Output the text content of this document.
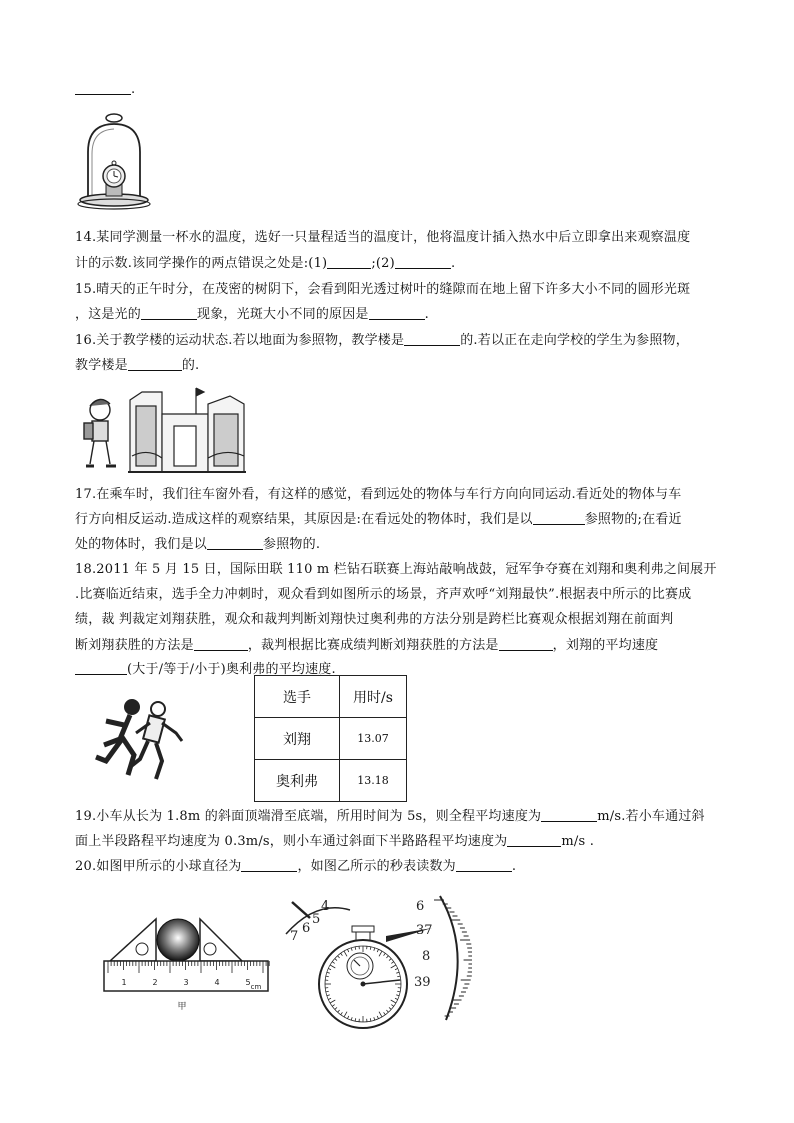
.
14.某同学测量一杯水的温度，选好一只量程适当的温度计，他将温度计插入热水中后立即拿出来观察温度
计的示数.该同学操作的两点错误之处是:(1)	;(2)	.
15.晴天的正午时分，在茂密的树阴下，会看到阳光透过树叶的缝隙而在地上留下许多大小不同的圆形光斑
，这是光的	现象，光斑大小不同的原因是	.
16.关于教学楼的运动状态.若以地面为参照物，教学楼是	的.若以正在走向学校的学生为参照物，
教学楼是	的.
17.在乘车时，我们往车窗外看，有这样的感觉，看到远处的物体与车行方向向同运动.看近处的物体与车
行方向相反运动.造成这样的观察结果，其原因是:在看远处的物体时，我们是以	参照物的;在看近
处的物体时，我们是以	参照物的.
18.2011 年 5 月 15 日，国际田联 110 m 栏钻石联赛上海站敲响战鼓，冠军争夺赛在刘翔和奥利弗之间展开
.比赛临近结束，选手全力冲刺时，观众看到如图所示的场景，齐声欢呼“刘翔最快”.根据表中所示的比赛成
绩，裁 判裁定刘翔获胜，观众和裁判判断刘翔快过奥利弗的方法分别是跨栏比赛观众根据刘翔在前面判
断刘翔获胜的方法是	，裁判根据比赛成绩判断刘翔获胜的方法是	，刘翔的平均速度
(大于/等于/小于)奥利弗的平均速度.
选手	用时/s
刘翔	13.07
奥利弗	13.18
19.小车从长为 1.8m 的斜面顶端滑至底端，所用时间为 5s，则全程平均速度为	m/s.若小车通过斜
面上半段路程平均速度为 0.3m/s，则小车通过斜面下半路路程平均速度为	m/s .
20.如图甲所示的小球直径为	，如图乙所示的秒表读数为	.
1	2	3	4	5 cm
甲
4
5
6
7
6
37
8
39
